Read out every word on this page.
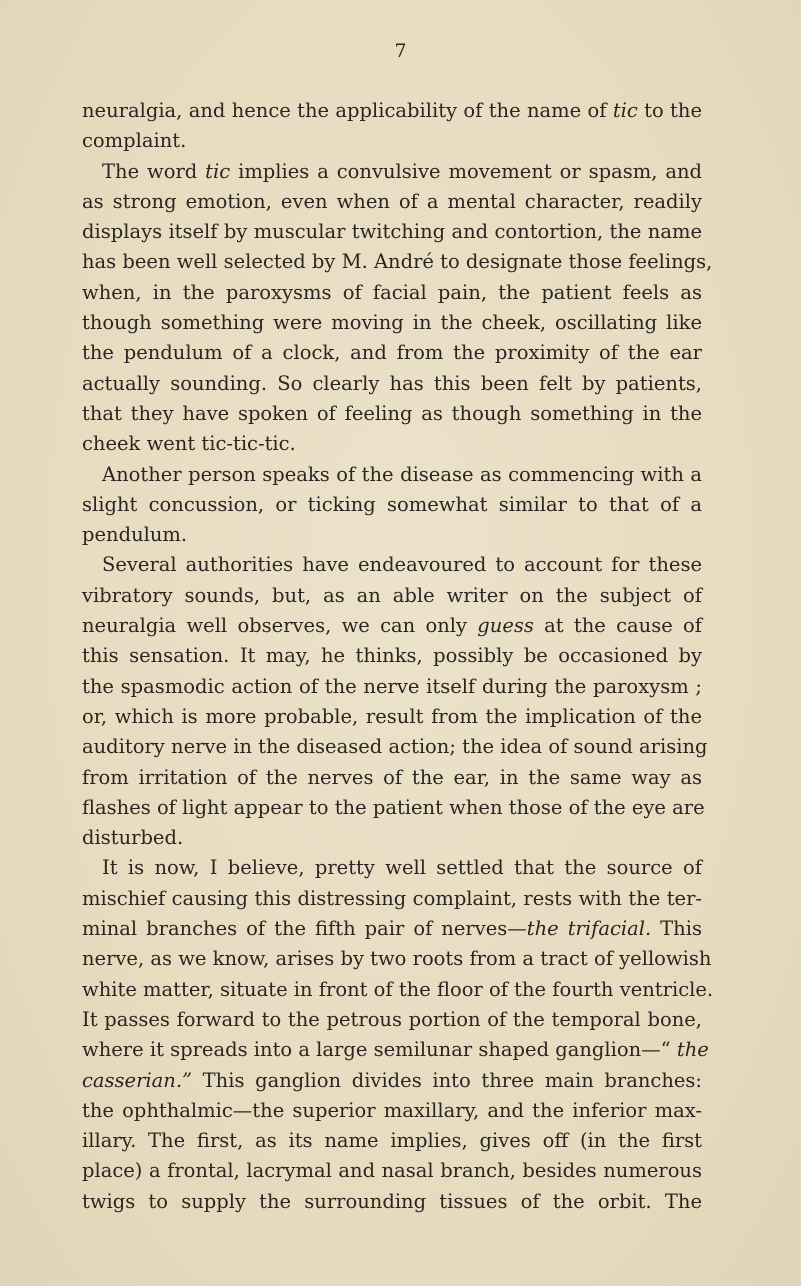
7
neuralgia, and hence the applicability of the name of tic to the
complaint.
The word tic implies a convulsive movement or spasm, and
as strong emotion, even when of a mental character, readily
displays itself by muscular twitching and contortion, the name
has been well selected by M. André to designate those feelings,
when, in the paroxysms of facial pain, the patient feels as
though something were moving in the cheek, oscillating like
the pendulum of a clock, and from the proximity of the ear
actually sounding. So clearly has this been felt by patients,
that they have spoken of feeling as though something in the
cheek went tic-tic-tic.
Another person speaks of the disease as commencing with a
slight concussion, or ticking somewhat similar to that of a
pendulum.
Several authorities have endeavoured to account for these
vibratory sounds, but, as an able writer on the subject of
neuralgia well observes, we can only guess at the cause of
this sensation. It may, he thinks, possibly be occasioned by
the spasmodic action of the nerve itself during the paroxysm ;
or, which is more probable, result from the implication of the
auditory nerve in the diseased action; the idea of sound arising
from irritation of the nerves of the ear, in the same way as
flashes of light appear to the patient when those of the eye are
disturbed.
It is now, I believe, pretty well settled that the source of
mischief causing this distressing complaint, rests with the ter-
minal branches of the fifth pair of nerves—the trifacial. This
nerve, as we know, arises by two roots from a tract of yellowish
white matter, situate in front of the floor of the fourth ventricle.
It passes forward to the petrous portion of the temporal bone,
where it spreads into a large semilunar shaped ganglion—“ the
casserian.” This ganglion divides into three main branches:
the ophthalmic—the superior maxillary, and the inferior max-
illary. The first, as its name implies, gives off (in the first
place) a frontal, lacrymal and nasal branch, besides numerous
twigs to supply the surrounding tissues of the orbit. The
